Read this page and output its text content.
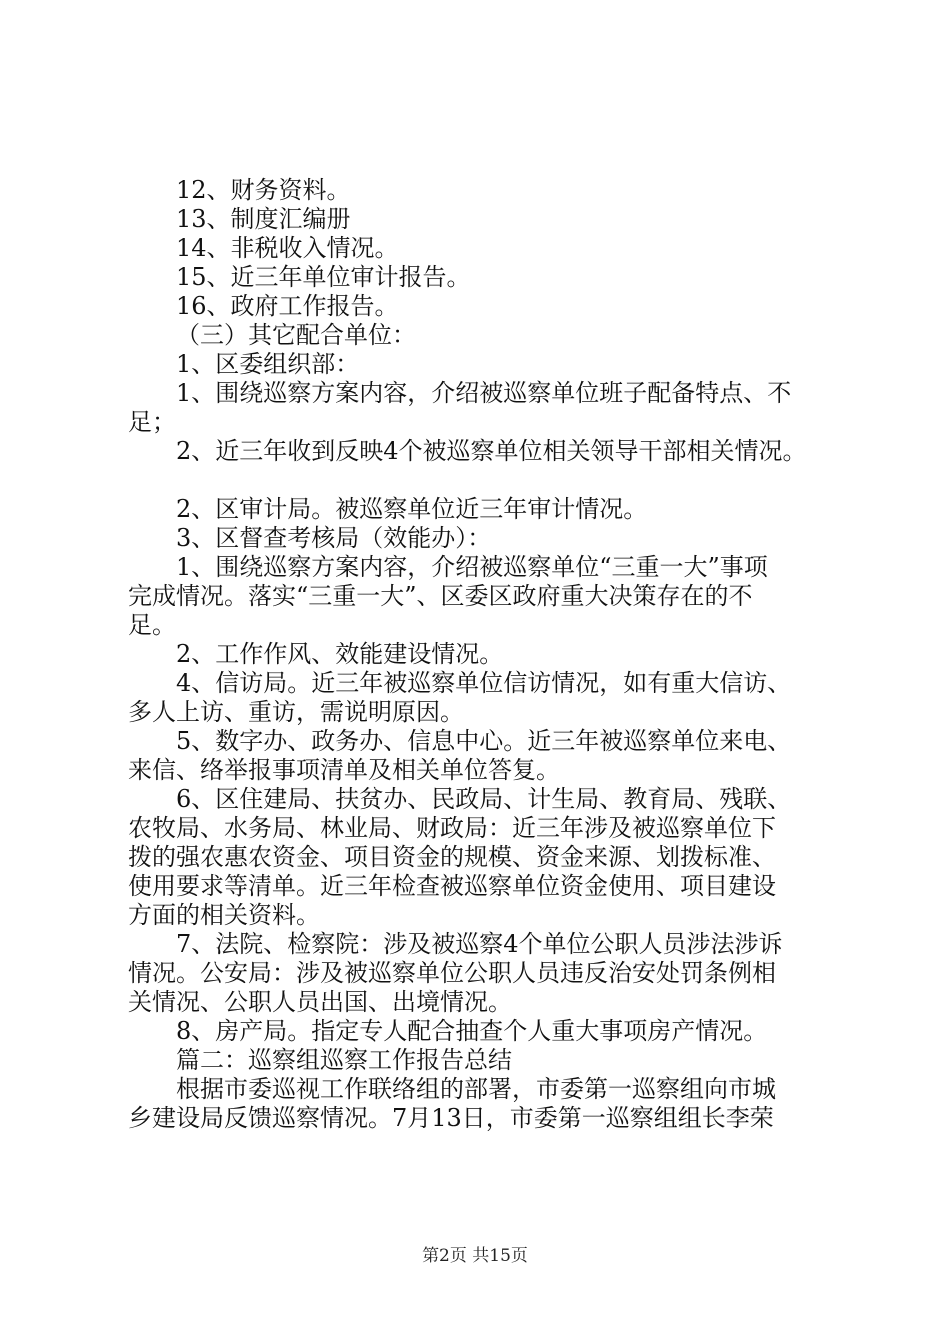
12、财务资料。
13、制度汇编册
14、非税收入情况。
15、近三年单位审计报告。
16、政府工作报告。
（三）其它配合单位：
1、区委组织部：
1、围绕巡察方案内容，介绍被巡察单位班子配备特点、不
足；
2、近三年收到反映4个被巡察单位相关领导干部相关情况。
2、区审计局。被巡察单位近三年审计情况。
3、区督查考核局（效能办）：
1、围绕巡察方案内容，介绍被巡察单位“三重一大”事项
完成情况。落实“三重一大”、区委区政府重大决策存在的不
足。
2、工作作风、效能建设情况。
4、信访局。近三年被巡察单位信访情况，如有重大信访、
多人上访、重访，需说明原因。
5、数字办、政务办、信息中心。近三年被巡察单位来电、
来信、络举报事项清单及相关单位答复。
6、区住建局、扶贫办、民政局、计生局、教育局、残联、
农牧局、水务局、林业局、财政局：近三年涉及被巡察单位下
拨的强农惠农资金、项目资金的规模、资金来源、划拨标准、
使用要求等清单。近三年检查被巡察单位资金使用、项目建设
方面的相关资料。
7、法院、检察院：涉及被巡察4个单位公职人员涉法涉诉
情况。公安局：涉及被巡察单位公职人员违反治安处罚条例相
关情况、公职人员出国、出境情况。
8、房产局。指定专人配合抽查个人重大事项房产情况。
篇二：巡察组巡察工作报告总结
根据市委巡视工作联络组的部署，市委第一巡察组向市城
乡建设局反馈巡察情况。7月13日，市委第一巡察组组长李荣
第2页 共15页
